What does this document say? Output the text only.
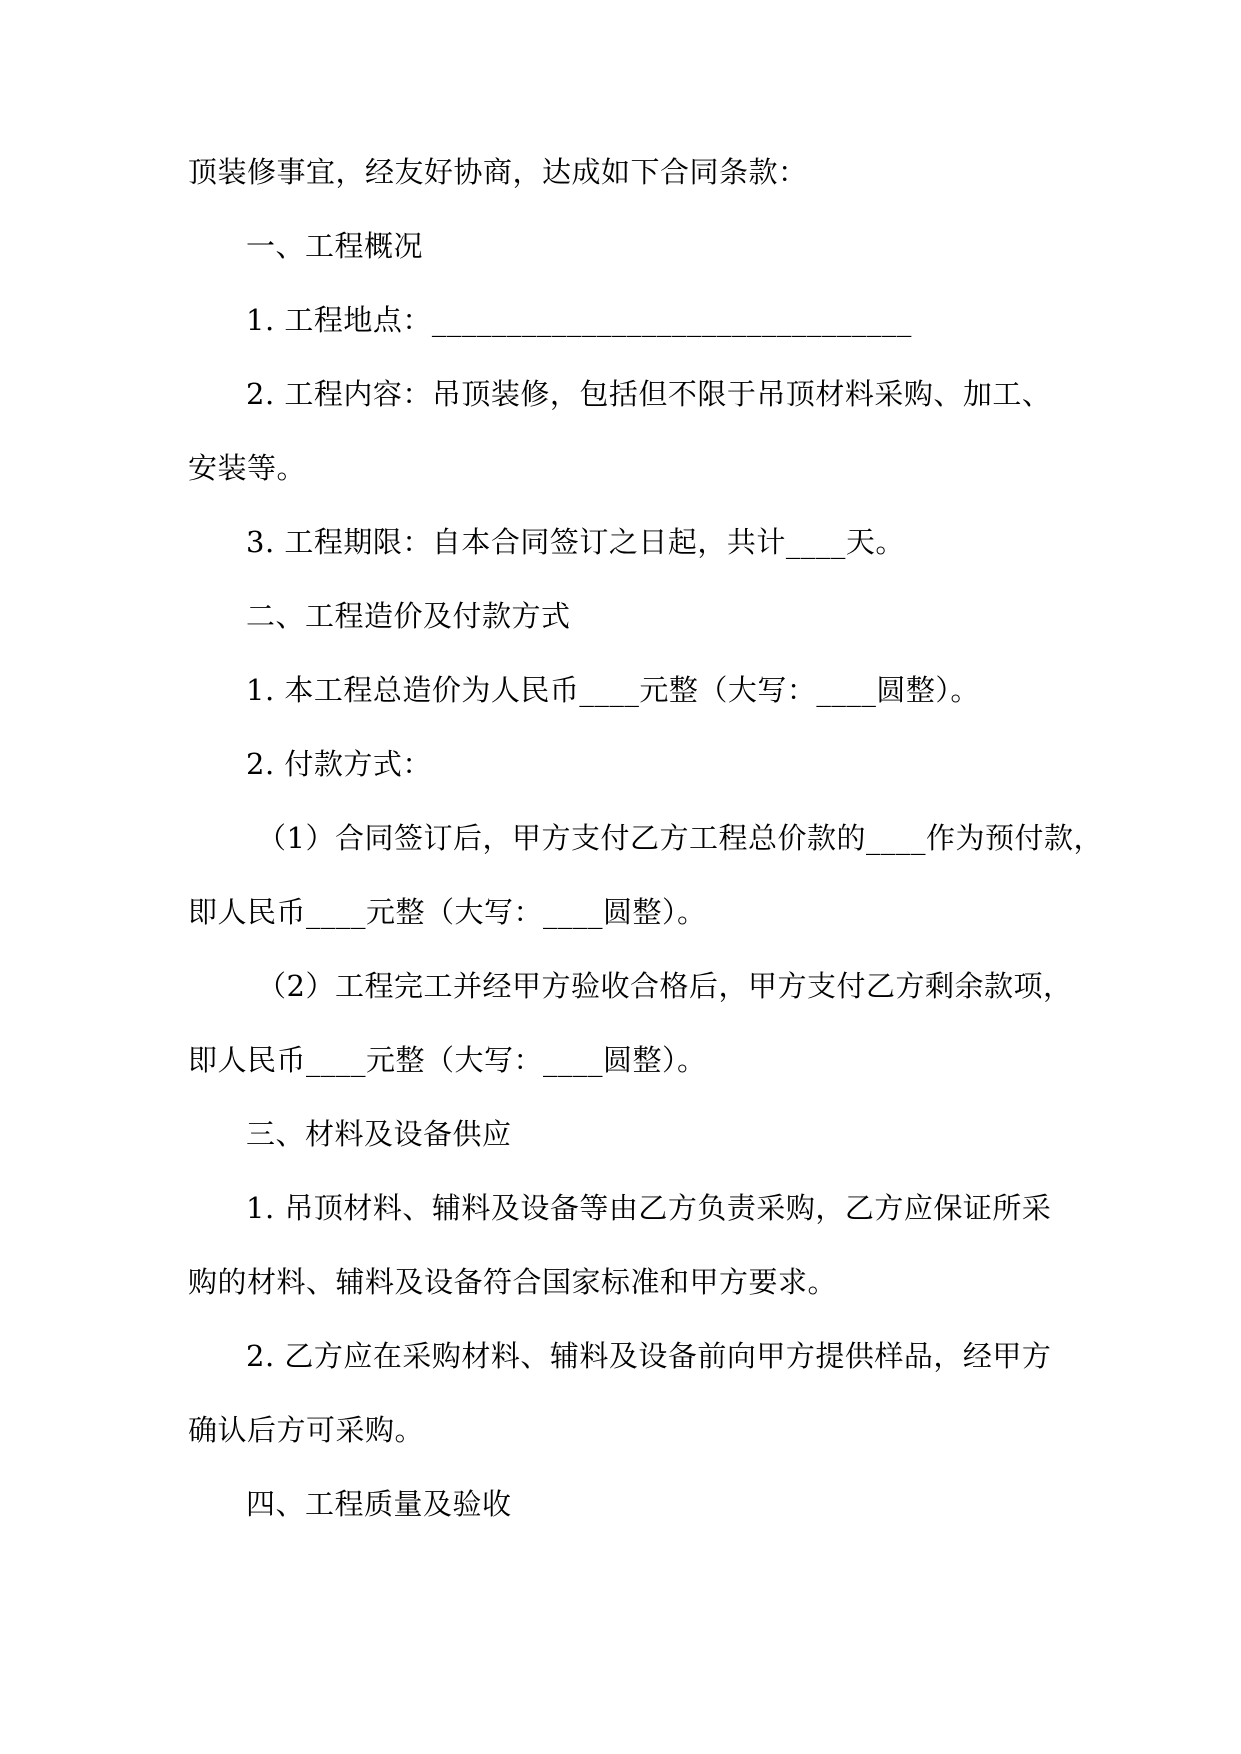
顶装修事宜，经友好协商，达成如下合同条款：
一、工程概况
1. 工程地点：________________________________
2. 工程内容：吊顶装修，包括但不限于吊顶材料采购、加工、
安装等。
3. 工程期限：自本合同签订之日起，共计____天。
二、工程造价及付款方式
1. 本工程总造价为人民币____元整（大写：____圆整）。
2. 付款方式：
（1）合同签订后，甲方支付乙方工程总价款的____作为预付款，
即人民币____元整（大写：____圆整）。
（2）工程完工并经甲方验收合格后，甲方支付乙方剩余款项，
即人民币____元整（大写：____圆整）。
三、材料及设备供应
1. 吊顶材料、辅料及设备等由乙方负责采购，乙方应保证所采
购的材料、辅料及设备符合国家标准和甲方要求。
2. 乙方应在采购材料、辅料及设备前向甲方提供样品，经甲方
确认后方可采购。
四、工程质量及验收
